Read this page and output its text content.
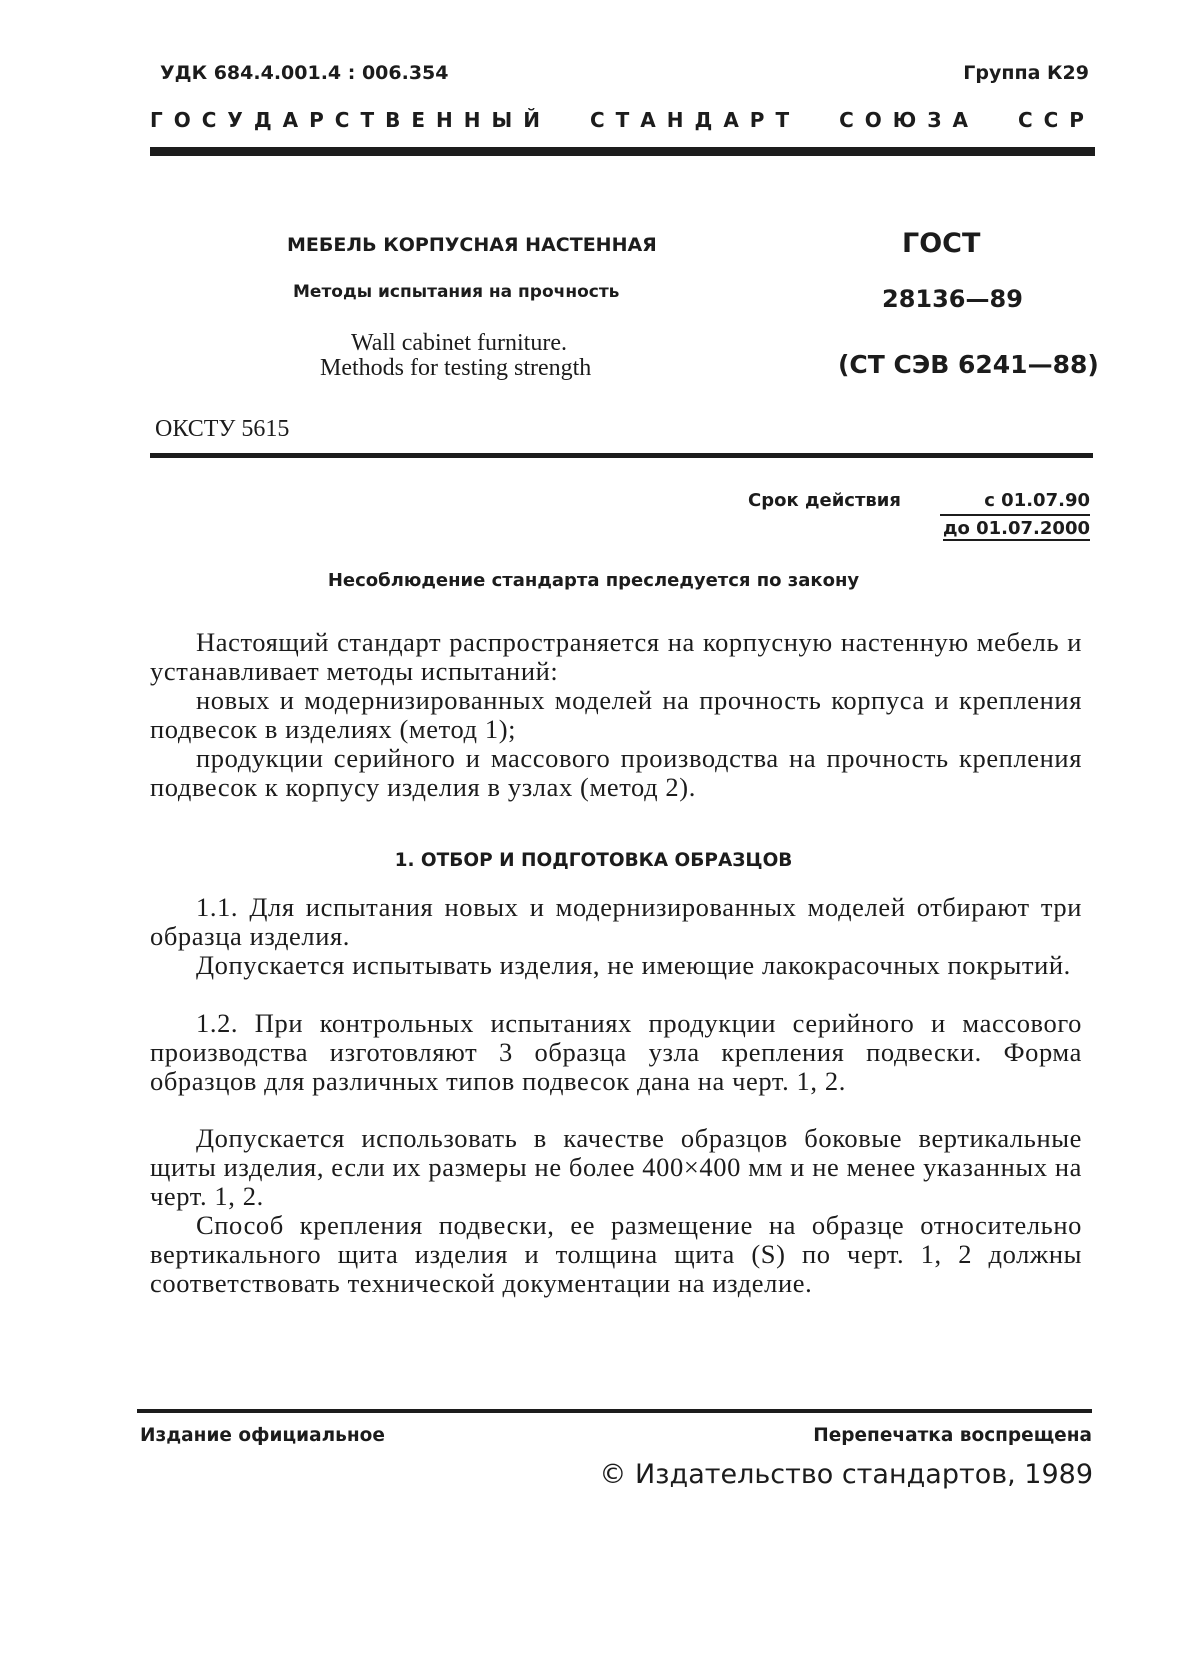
УДК 684.4.001.4 : 006.354	Группа К29
ГОСУДАРСТВЕННЫЙ СТАНДАРТ СОЮЗА ССР
МЕБЕЛЬ КОРПУСНАЯ НАСТЕННАЯ
Методы испытания на прочность
Wall cabinet furniture.
Methods for testing strength
ГОСТ
28136—89
(СТ СЭВ 6241—88)
ОКСТУ 5615
Срок действия	с 01.07.90
до 01.07.2000
Несоблюдение стандарта преследуется по закону

Настоящий стандарт распространяется на корпусную настенную мебель и устанавливает методы испытаний:

новых и модернизированных моделей на прочность корпуса и крепления подвесок в изделиях (метод 1);

продукции серийного и массового производства на прочность крепления подвесок к корпусу изделия в узлах (метод 2).

1. ОТБОР И ПОДГОТОВКА ОБРАЗЦОВ

1.1. Для испытания новых и модернизированных моделей отбирают три образца изделия.

Допускается испытывать изделия, не имеющие лакокрасочных покрытий.

1.2. При контрольных испытаниях продукции серийного и массового производства изготовляют 3 образца узла крепления подвески. Форма образцов для различных типов подвесок дана на черт. 1, 2.

Допускается использовать в качестве образцов боковые вертикальные щиты изделия, если их размеры не более 400×400 мм и не менее указанных на черт. 1, 2.

Способ крепления подвески, ее размещение на образце относительно вертикального щита изделия и толщина щита (S) по черт. 1, 2 должны соответствовать технической документации на изделие.

Издание официальное	Перепечатка воспрещена
© Издательство стандартов, 1989
